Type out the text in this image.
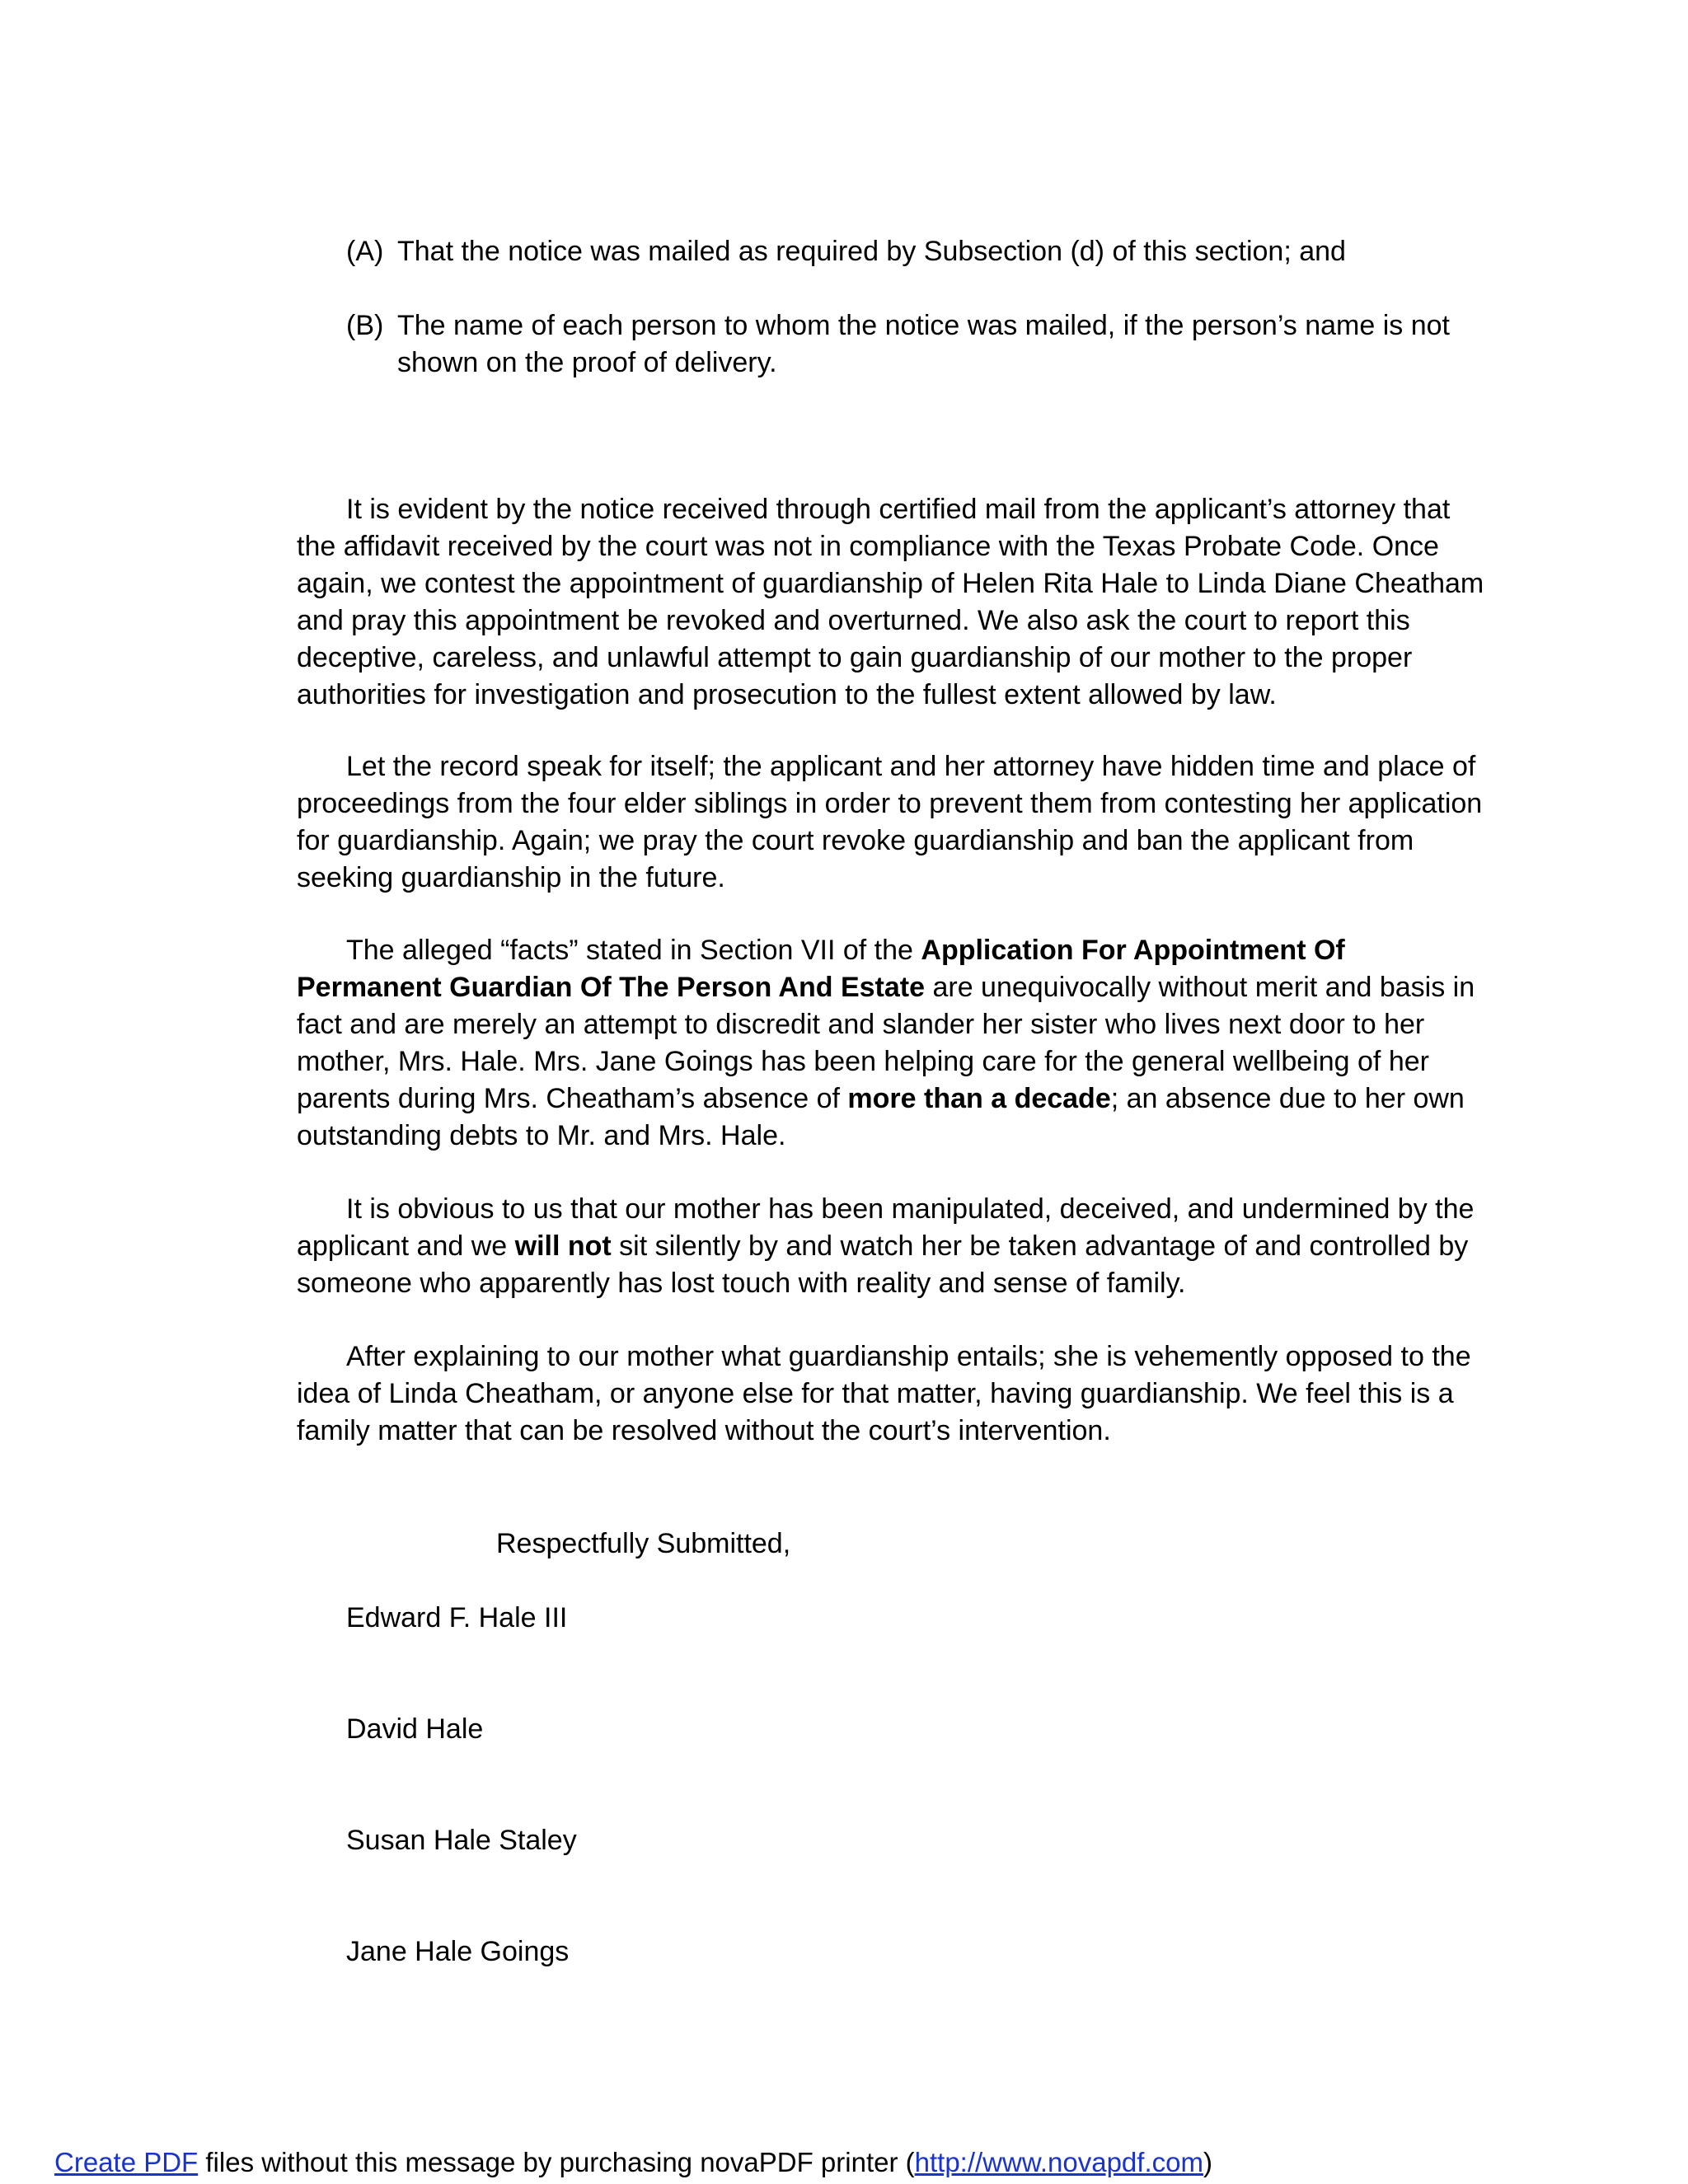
(A) That the notice was mailed as required by Subsection (d) of this section; and
(B) The name of each person to whom the notice was mailed, if the person’s name is not shown on the proof of delivery.

It is evident by the notice received through certified mail from the applicant’s attorney that the affidavit received by the court was not in compliance with the Texas Probate Code. Once again, we contest the appointment of guardianship of Helen Rita Hale to Linda Diane Cheatham and pray this appointment be revoked and overturned. We also ask the court to report this deceptive, careless, and unlawful attempt to gain guardianship of our mother to the proper authorities for investigation and prosecution to the fullest extent allowed by law.

Let the record speak for itself; the applicant and her attorney have hidden time and place of proceedings from the four elder siblings in order to prevent them from contesting her application for guardianship. Again; we pray the court revoke guardianship and ban the applicant from seeking guardianship in the future.

The alleged “facts” stated in Section VII of the Application For Appointment Of Permanent Guardian Of The Person And Estate are unequivocally without merit and basis in fact and are merely an attempt to discredit and slander her sister who lives next door to her mother, Mrs. Hale. Mrs. Jane Goings has been helping care for the general wellbeing of her parents during Mrs. Cheatham’s absence of more than a decade; an absence due to her own outstanding debts to Mr. and Mrs. Hale.

It is obvious to us that our mother has been manipulated, deceived, and undermined by the applicant and we will not sit silently by and watch her be taken advantage of and controlled by someone who apparently has lost touch with reality and sense of family.

After explaining to our mother what guardianship entails; she is vehemently opposed to the idea of Linda Cheatham, or anyone else for that matter, having guardianship. We feel this is a family matter that can be resolved without the court’s intervention.

Respectfully Submitted,
Edward F. Hale III
David Hale
Susan Hale Staley
Jane Hale Goings
Create PDF files without this message by purchasing novaPDF printer (http://www.novapdf.com)
